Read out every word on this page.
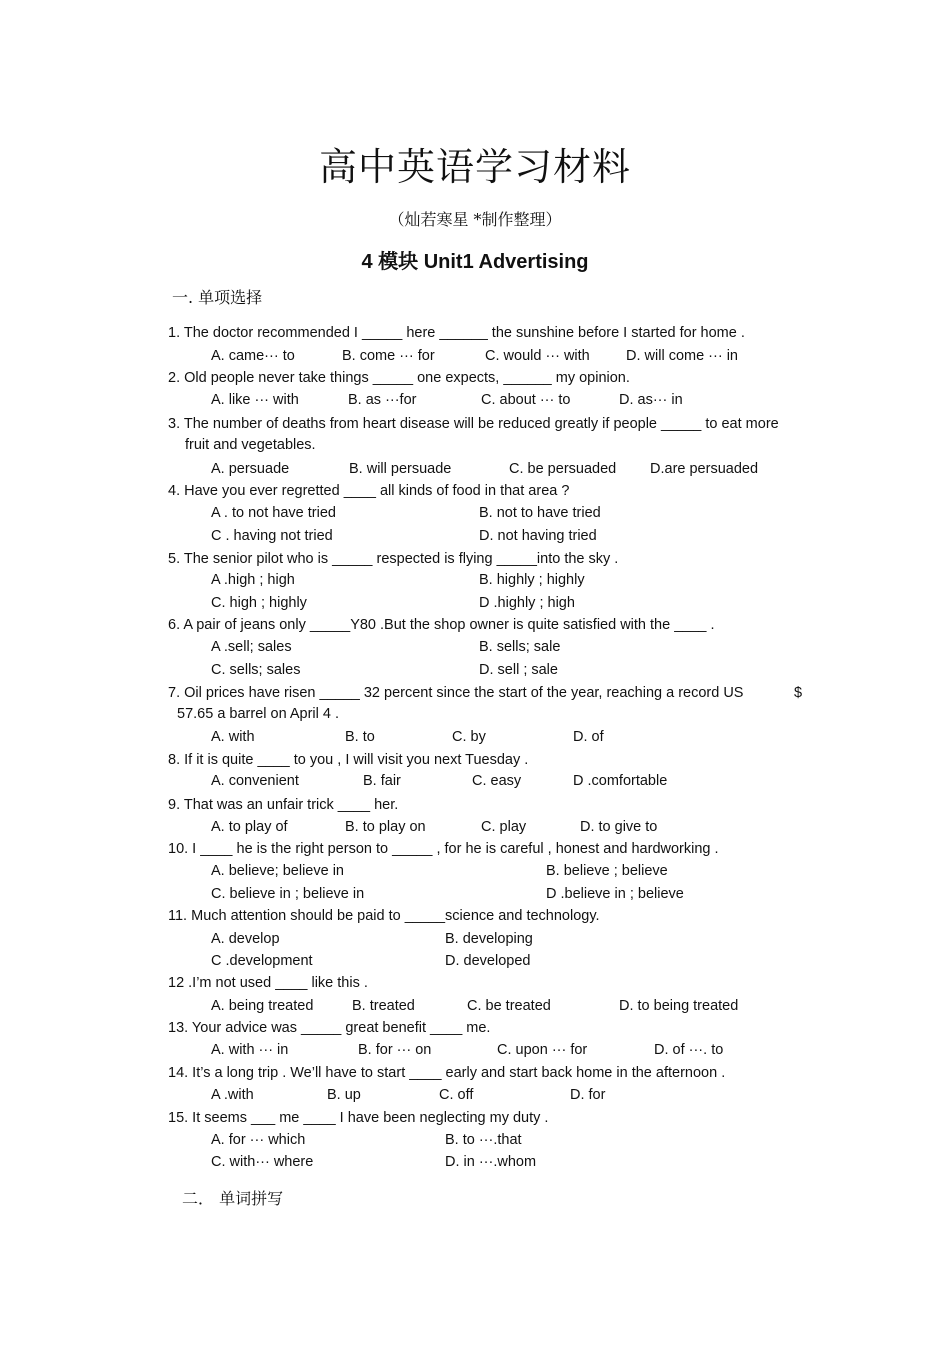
高中英语学习材料
（灿若寒星 *制作整理）
4 模块 Unit1 Advertising
一. 单项选择
1. The doctor recommended I _____ here ______ the sunshine before I started for home .
A. came··· to	B. come ··· for	C. would ··· with	D. will come ··· in
2. Old people never take things _____ one expects, ______ my opinion.
A. like ··· with	B. as ···for	C. about ··· to	D. as··· in
3. The number of deaths from heart disease will be reduced greatly if people _____ to eat more
fruit and vegetables.
A. persuade	B. will persuade	C. be persuaded D.are persuaded
4. Have you ever regretted ____ all kinds of food in that area ?
A . to not have tried	B. not to have tried
C . having not tried	D. not having tried
5. The senior pilot who is _____ respected is flying _____into the sky .
A .high ; high	B. highly ; highly
C. high ; highly	D .highly ; high
6. A pair of jeans only _____Y80 .But the shop owner is quite satisfied with the ____ .
A .sell; sales	B. sells; sale
C. sells; sales	D. sell ; sale
7. Oil prices have risen _____ 32 percent since the start of the year, reaching a record US	$
57.65 a barrel on April 4 .
A. with	B. to	C. by	D. of
8. If it is quite ____ to you , I will visit you next Tuesday .
A. convenient	B. fair	C. easy	D .comfortable
9. That was an unfair trick ____ her.
A. to play of	B. to play on	C. play	D. to give to
10. I ____ he is the right person to _____ , for he is careful , honest and hardworking .
A. believe; believe in	B. believe ; believe
C. believe in ; believe in	D .believe in ; believe
11. Much attention should be paid to _____science and technology.
A. develop	B. developing
C .development	D. developed
12 .I’m not used ____ like this .
A. being treated	B. treated	C. be treated	D. to being treated
13. Your advice was _____ great benefit ____ me.
A. with ··· in	B. for ··· on	C. upon ··· for	D. of ···. to
14. It’s a long trip . We’ll have to start ____ early and start back home in the afternoon .
A .with	B. up	C. off	D. for
15. It seems ___ me ____ I have been neglecting my duty .
A. for ··· which	B. to ···.that
C. with··· where	D. in ···.whom
二． 单词拼写
